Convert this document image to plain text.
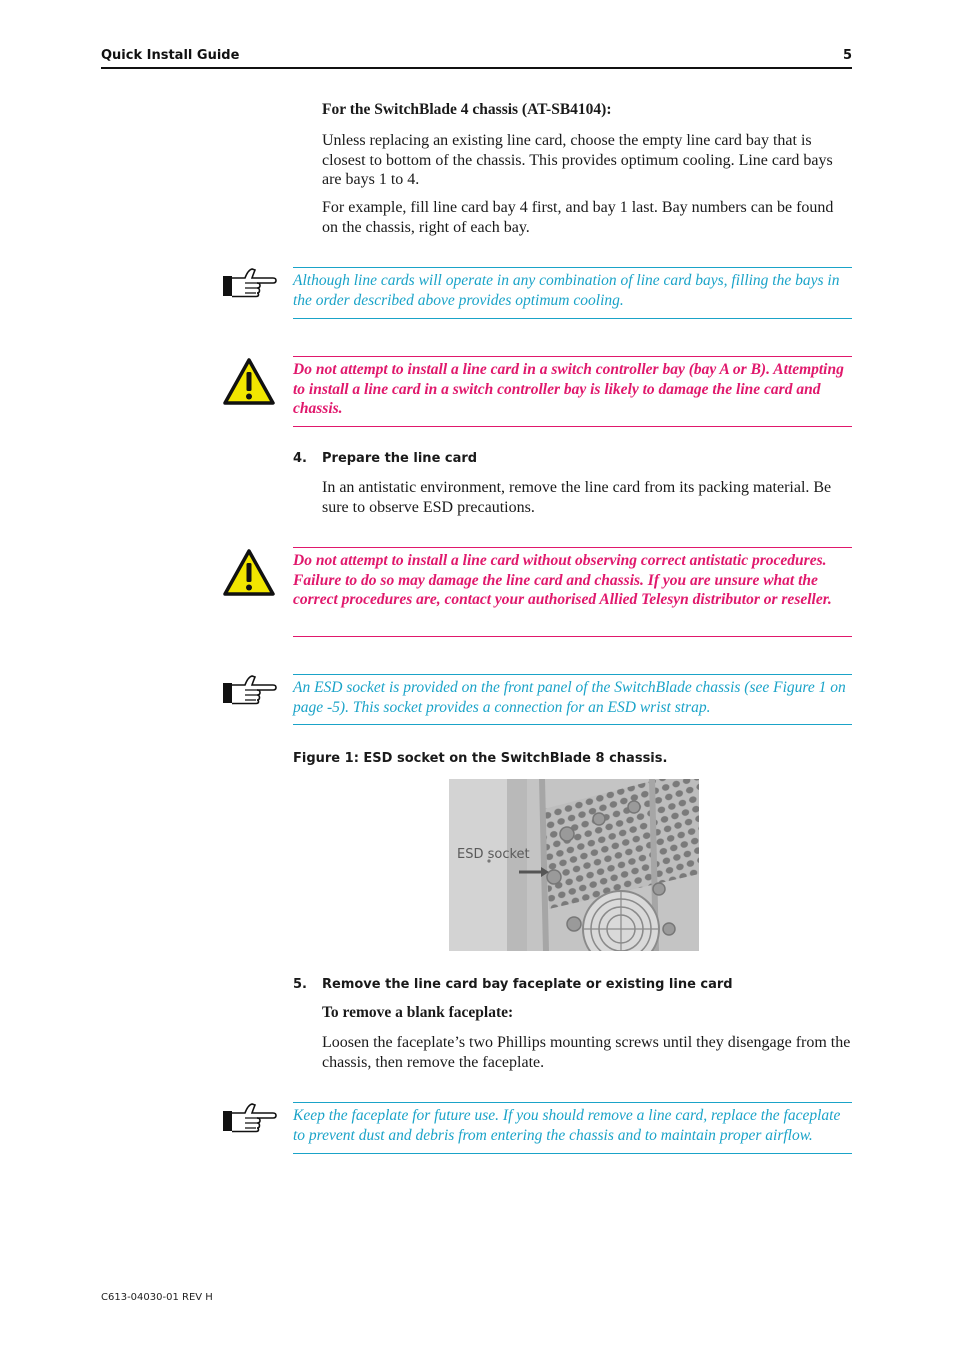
Quick Install Guide	5
For the SwitchBlade 4 chassis (AT-SB4104):
Unless replacing an existing line card, choose the empty line card bay that is closest to bottom of the chassis. This provides optimum cooling. Line card bays are bays 1 to 4.
For example, fill line card bay 4 first, and bay 1 last. Bay numbers can be found on the chassis, right of each bay.
Although line cards will operate in any combination of line card bays, filling the bays in the order described above provides optimum cooling.
Do not attempt to install a line card in a switch controller bay (bay A or B). Attempting to install a line card in a switch controller bay is likely to damage the line card and chassis.
4. Prepare the line card
In an antistatic environment, remove the line card from its packing material. Be sure to observe ESD precautions.
Do not attempt to install a line card without observing correct antistatic procedures. Failure to do so may damage the line card and chassis. If you are unsure what the correct procedures are, contact your authorised Allied Telesyn distributor or reseller.
An ESD socket is provided on the front panel of the SwitchBlade chassis (see Figure 1 on page -5). This socket provides a connection for an ESD wrist strap.
Figure 1: ESD socket on the SwitchBlade 8 chassis.
ESD socket
5. Remove the line card bay faceplate or existing line card
To remove a blank faceplate:
Loosen the faceplate’s two Phillips mounting screws until they disengage from the chassis, then remove the faceplate.
Keep the faceplate for future use. If you should remove a line card, replace the faceplate to prevent dust and debris from entering the chassis and to maintain proper airflow.
C613-04030-01 REV H
